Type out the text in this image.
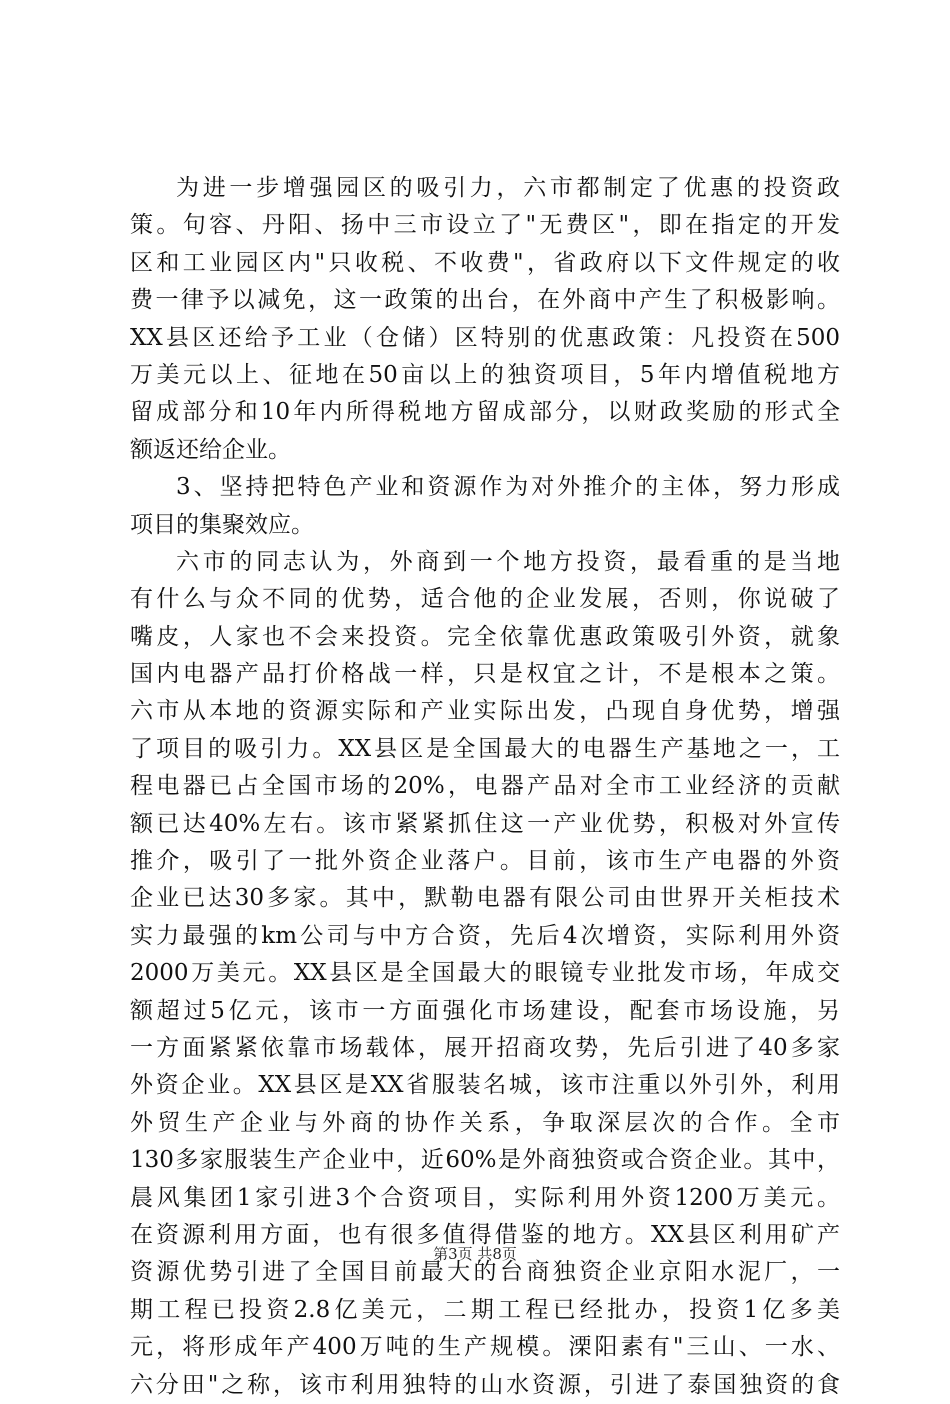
为进一步增强园区的吸引力，六市都制定了优惠的投资政
策。句容、丹阳、扬中三市设立了"无费区"，即在指定的开发
区和工业园区内"只收税、不收费"，省政府以下文件规定的收
费一律予以减免，这一政策的出台，在外商中产生了积极影响。
XX县区还给予工业（仓储）区特别的优惠政策：凡投资在500
万美元以上、征地在50亩以上的独资项目，5年内增值税地方
留成部分和10年内所得税地方留成部分，以财政奖励的形式全
额返还给企业。
3、坚持把特色产业和资源作为对外推介的主体，努力形成
项目的集聚效应。
六市的同志认为，外商到一个地方投资，最看重的是当地
有什么与众不同的优势，适合他的企业发展，否则，你说破了
嘴皮，人家也不会来投资。完全依靠优惠政策吸引外资，就象
国内电器产品打价格战一样，只是权宜之计，不是根本之策。
六市从本地的资源实际和产业实际出发，凸现自身优势，增强
了项目的吸引力。XX县区是全国最大的电器生产基地之一，工
程电器已占全国市场的20%，电器产品对全市工业经济的贡献
额已达40%左右。该市紧紧抓住这一产业优势，积极对外宣传
推介，吸引了一批外资企业落户。目前，该市生产电器的外资
企业已达30多家。其中，默勒电器有限公司由世界开关柜技术
实力最强的km公司与中方合资，先后4次增资，实际利用外资
2000万美元。XX县区是全国最大的眼镜专业批发市场，年成交
额超过5亿元，该市一方面强化市场建设，配套市场设施，另
一方面紧紧依靠市场载体，展开招商攻势，先后引进了40多家
外资企业。XX县区是XX省服装名城，该市注重以外引外，利用
外贸生产企业与外商的协作关系，争取深层次的合作。全市
130多家服装生产企业中，近60%是外商独资或合资企业。其中，
晨风集团1家引进3个合资项目，实际利用外资1200万美元。
在资源利用方面，也有很多值得借鉴的地方。XX县区利用矿产
资源优势引进了全国目前最大的台商独资企业京阳水泥厂，一
期工程已投资2.8亿美元，二期工程已经批办，投资1亿多美
元，将形成年产400万吨的生产规模。溧阳素有"三山、一水、
六分田"之称，该市利用独特的山水资源，引进了泰国独资的食
第3页 共8页
